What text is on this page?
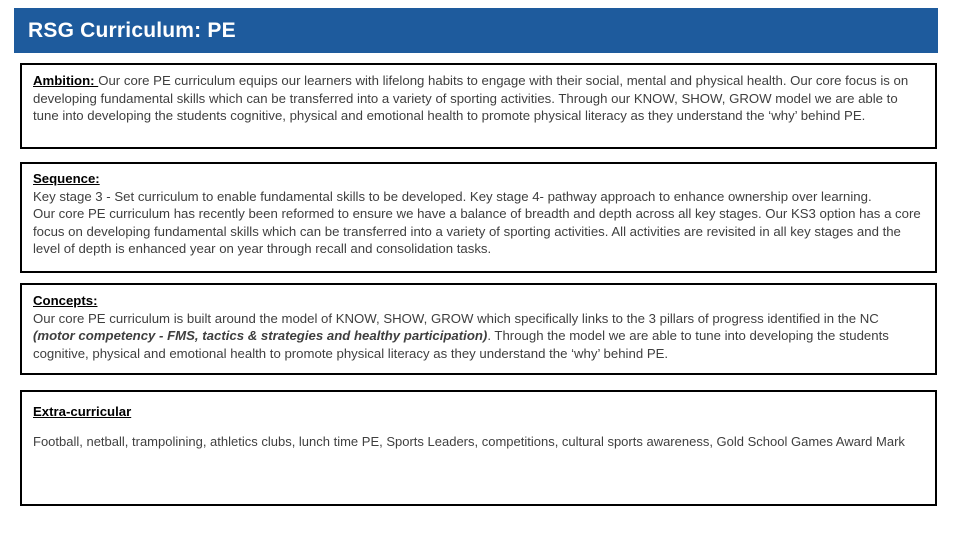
RSG Curriculum: PE

Ambition: Our core PE curriculum equips our learners with lifelong habits to engage with their social, mental and physical health. Our core focus is on developing fundamental skills which can be transferred into a variety of sporting activities. Through our KNOW, SHOW, GROW model we are able to tune into developing the students cognitive, physical and emotional health to promote physical literacy as they understand the ‘why’ behind PE.

Sequence:
Key stage 3 - Set curriculum to enable fundamental skills to be developed. Key stage 4- pathway approach to enhance ownership over learning.
Our core PE curriculum has recently been reformed to ensure we have a balance of breadth and depth across all key stages. Our KS3 option has a core focus on developing fundamental skills which can be transferred into a variety of sporting activities. All activities are revisited in all key stages and the level of depth is enhanced year on year through recall and consolidation tasks.
Concepts:

Our core PE curriculum is built around the model of KNOW, SHOW, GROW which specifically links to the 3 pillars of progress identified in the NC (motor competency - FMS, tactics & strategies and healthy participation). Through the model we are able to tune into developing the students cognitive, physical and emotional health to promote physical literacy as they understand the ‘why’ behind PE.

Extra-curricular
Football, netball, trampolining, athletics clubs, lunch time PE, Sports Leaders, competitions, cultural sports awareness, Gold School Games Award Mark
